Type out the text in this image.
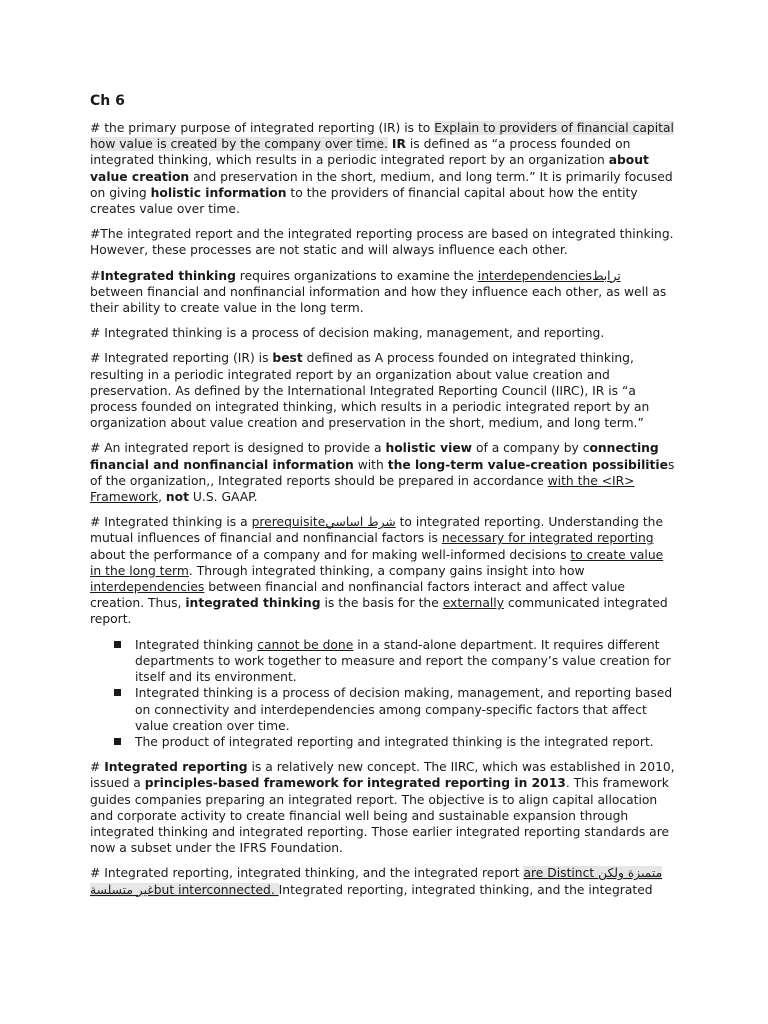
Ch 6

# the primary purpose of integrated reporting (IR) is to Explain to providers of financial capital how value is created by the company over time. IR is defined as “a process founded on integrated thinking, which results in a periodic integrated report by an organization about value creation and preservation in the short, medium, and long term.” It is primarily focused on giving holistic information to the providers of financial capital about how the entity creates value over time.

#The integrated report and the integrated reporting process are based on integrated thinking. However, these processes are not static and will always influence each other.

#Integrated thinking requires organizations to examine the interdependenciesترابط between financial and nonfinancial information and how they influence each other, as well as their ability to create value in the long term.

# Integrated thinking is a process of decision making, management, and reporting.

# Integrated reporting (IR) is best defined as A process founded on integrated thinking, resulting in a periodic integrated report by an organization about value creation and preservation. As defined by the International Integrated Reporting Council (IIRC), IR is “a process founded on integrated thinking, which results in a periodic integrated report by an organization about value creation and preservation in the short, medium, and long term.”

# An integrated report is designed to provide a holistic view of a company by connecting financial and nonfinancial information with the long-term value-creation possibilities of the organization,, Integrated reports should be prepared in accordance with the <IR> Framework, not U.S. GAAP.

# Integrated thinking is a prerequisiteشرط اساسي to integrated reporting. Understanding the mutual influences of financial and nonfinancial factors is necessary for integrated reporting about the performance of a company and for making well-informed decisions to create value in the long term. Through integrated thinking, a company gains insight into how interdependencies between financial and nonfinancial factors interact and affect value creation. Thus, integrated thinking is the basis for the externally communicated integrated report.

Integrated thinking cannot be done in a stand-alone department. It requires different departments to work together to measure and report the company’s value creation for itself and its environment.
Integrated thinking is a process of decision making, management, and reporting based on connectivity and interdependencies among company-specific factors that affect value creation over time.
The product of integrated reporting and integrated thinking is the integrated report.

# Integrated reporting is a relatively new concept. The IIRC, which was established in 2010, issued a principles-based framework for integrated reporting in 2013. This framework guides companies preparing an integrated report. The objective is to align capital allocation and corporate activity to create financial well being and sustainable expansion through integrated thinking and integrated reporting. Those earlier integrated reporting standards are now a subset under the IFRS Foundation.

# Integrated reporting, integrated thinking, and the integrated report are Distinct متميزة ولكن غير متسلسةbut interconnected. Integrated reporting, integrated thinking, and the integrated
